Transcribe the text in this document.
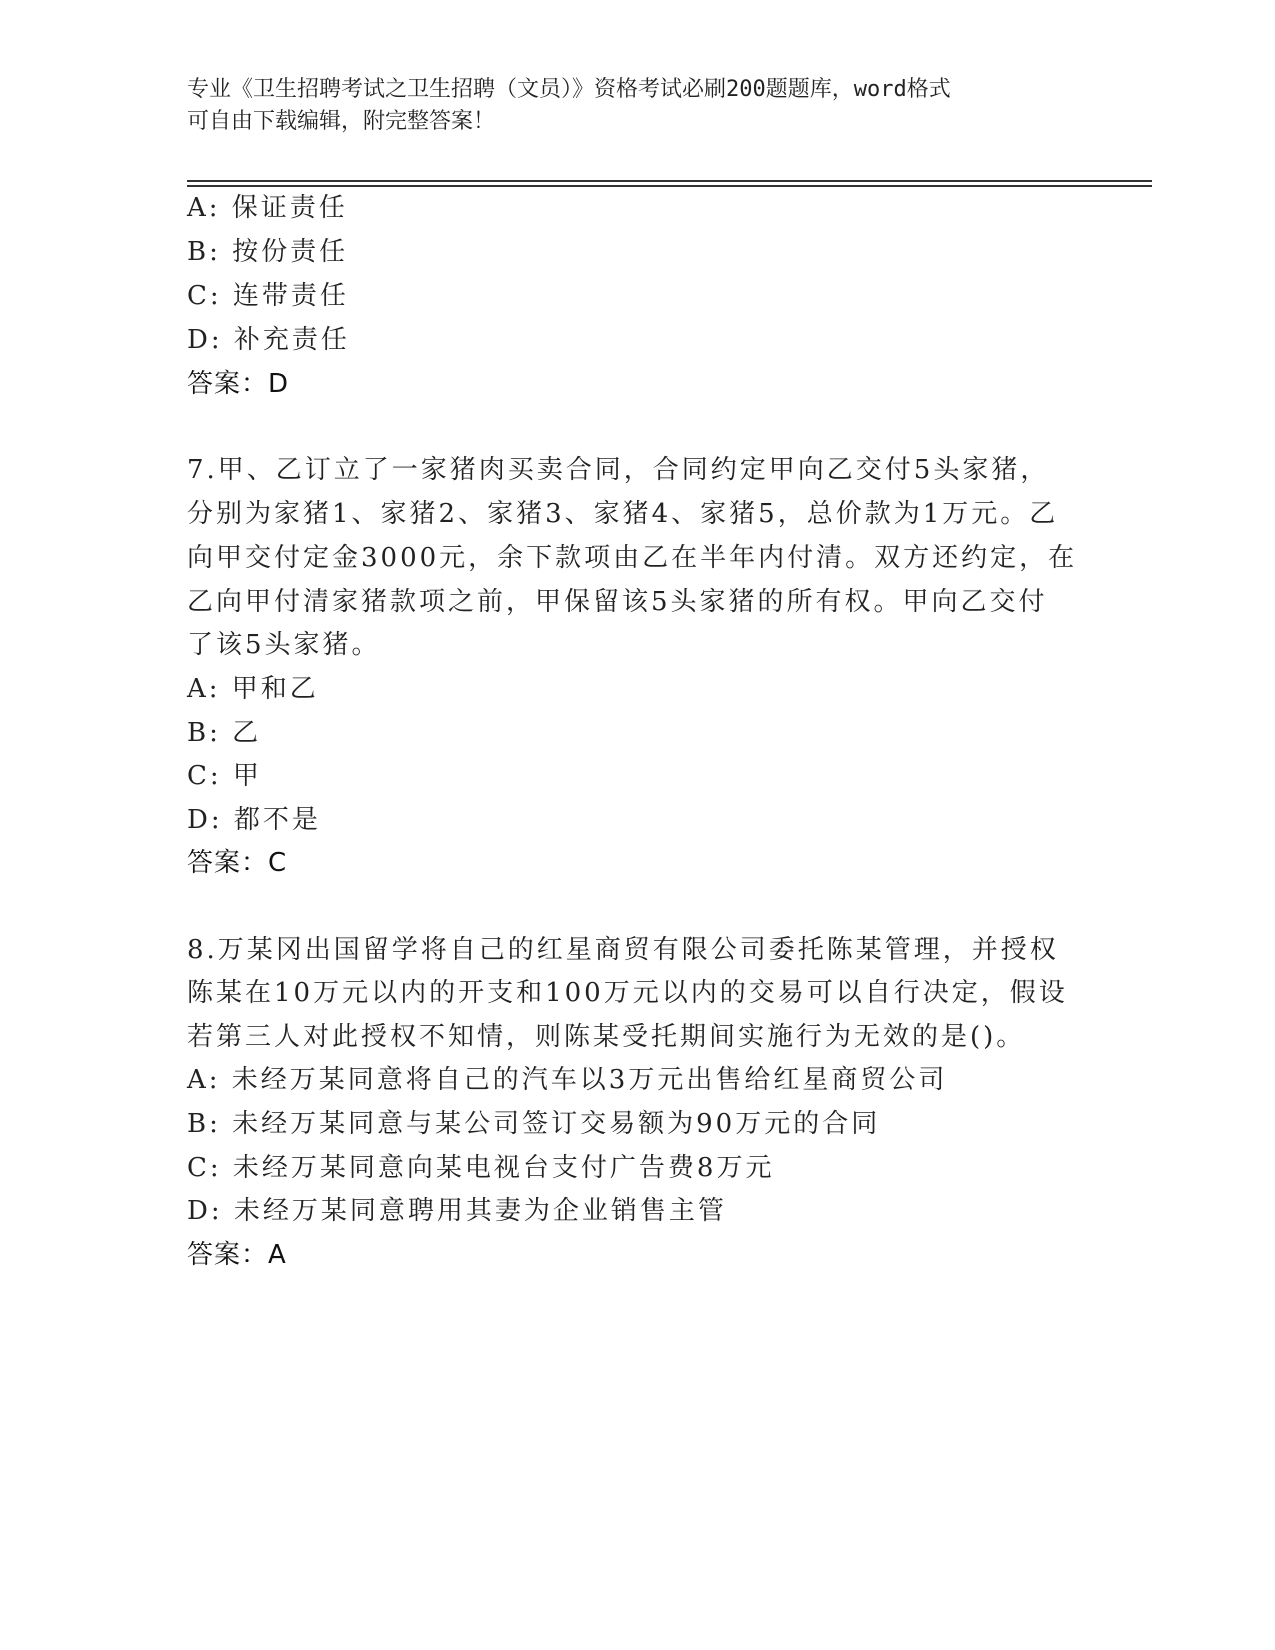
专业《卫生招聘考试之卫生招聘（文员）》资格考试必刷200题题库，word格式
可自由下载编辑，附完整答案！
A: 保证责任
B: 按份责任
C: 连带责任
D: 补充责任
答案：D
7.甲、乙订立了一家猪肉买卖合同，合同约定甲向乙交付5头家猪，
分别为家猪1、家猪2、家猪3、家猪4、家猪5，总价款为1万元。乙
向甲交付定金3000元，余下款项由乙在半年内付清。双方还约定，在
乙向甲付清家猪款项之前，甲保留该5头家猪的所有权。甲向乙交付
了该5头家猪。
A: 甲和乙
B: 乙
C: 甲
D: 都不是
答案：C
8.万某冈出国留学将自己的红星商贸有限公司委托陈某管理，并授权
陈某在10万元以内的开支和100万元以内的交易可以自行决定，假设
若第三人对此授权不知情，则陈某受托期间实施行为无效的是()。
A: 未经万某同意将自己的汽车以3万元出售给红星商贸公司
B: 未经万某同意与某公司签订交易额为90万元的合同
C: 未经万某同意向某电视台支付广告费8万元
D: 未经万某同意聘用其妻为企业销售主管
答案：A
